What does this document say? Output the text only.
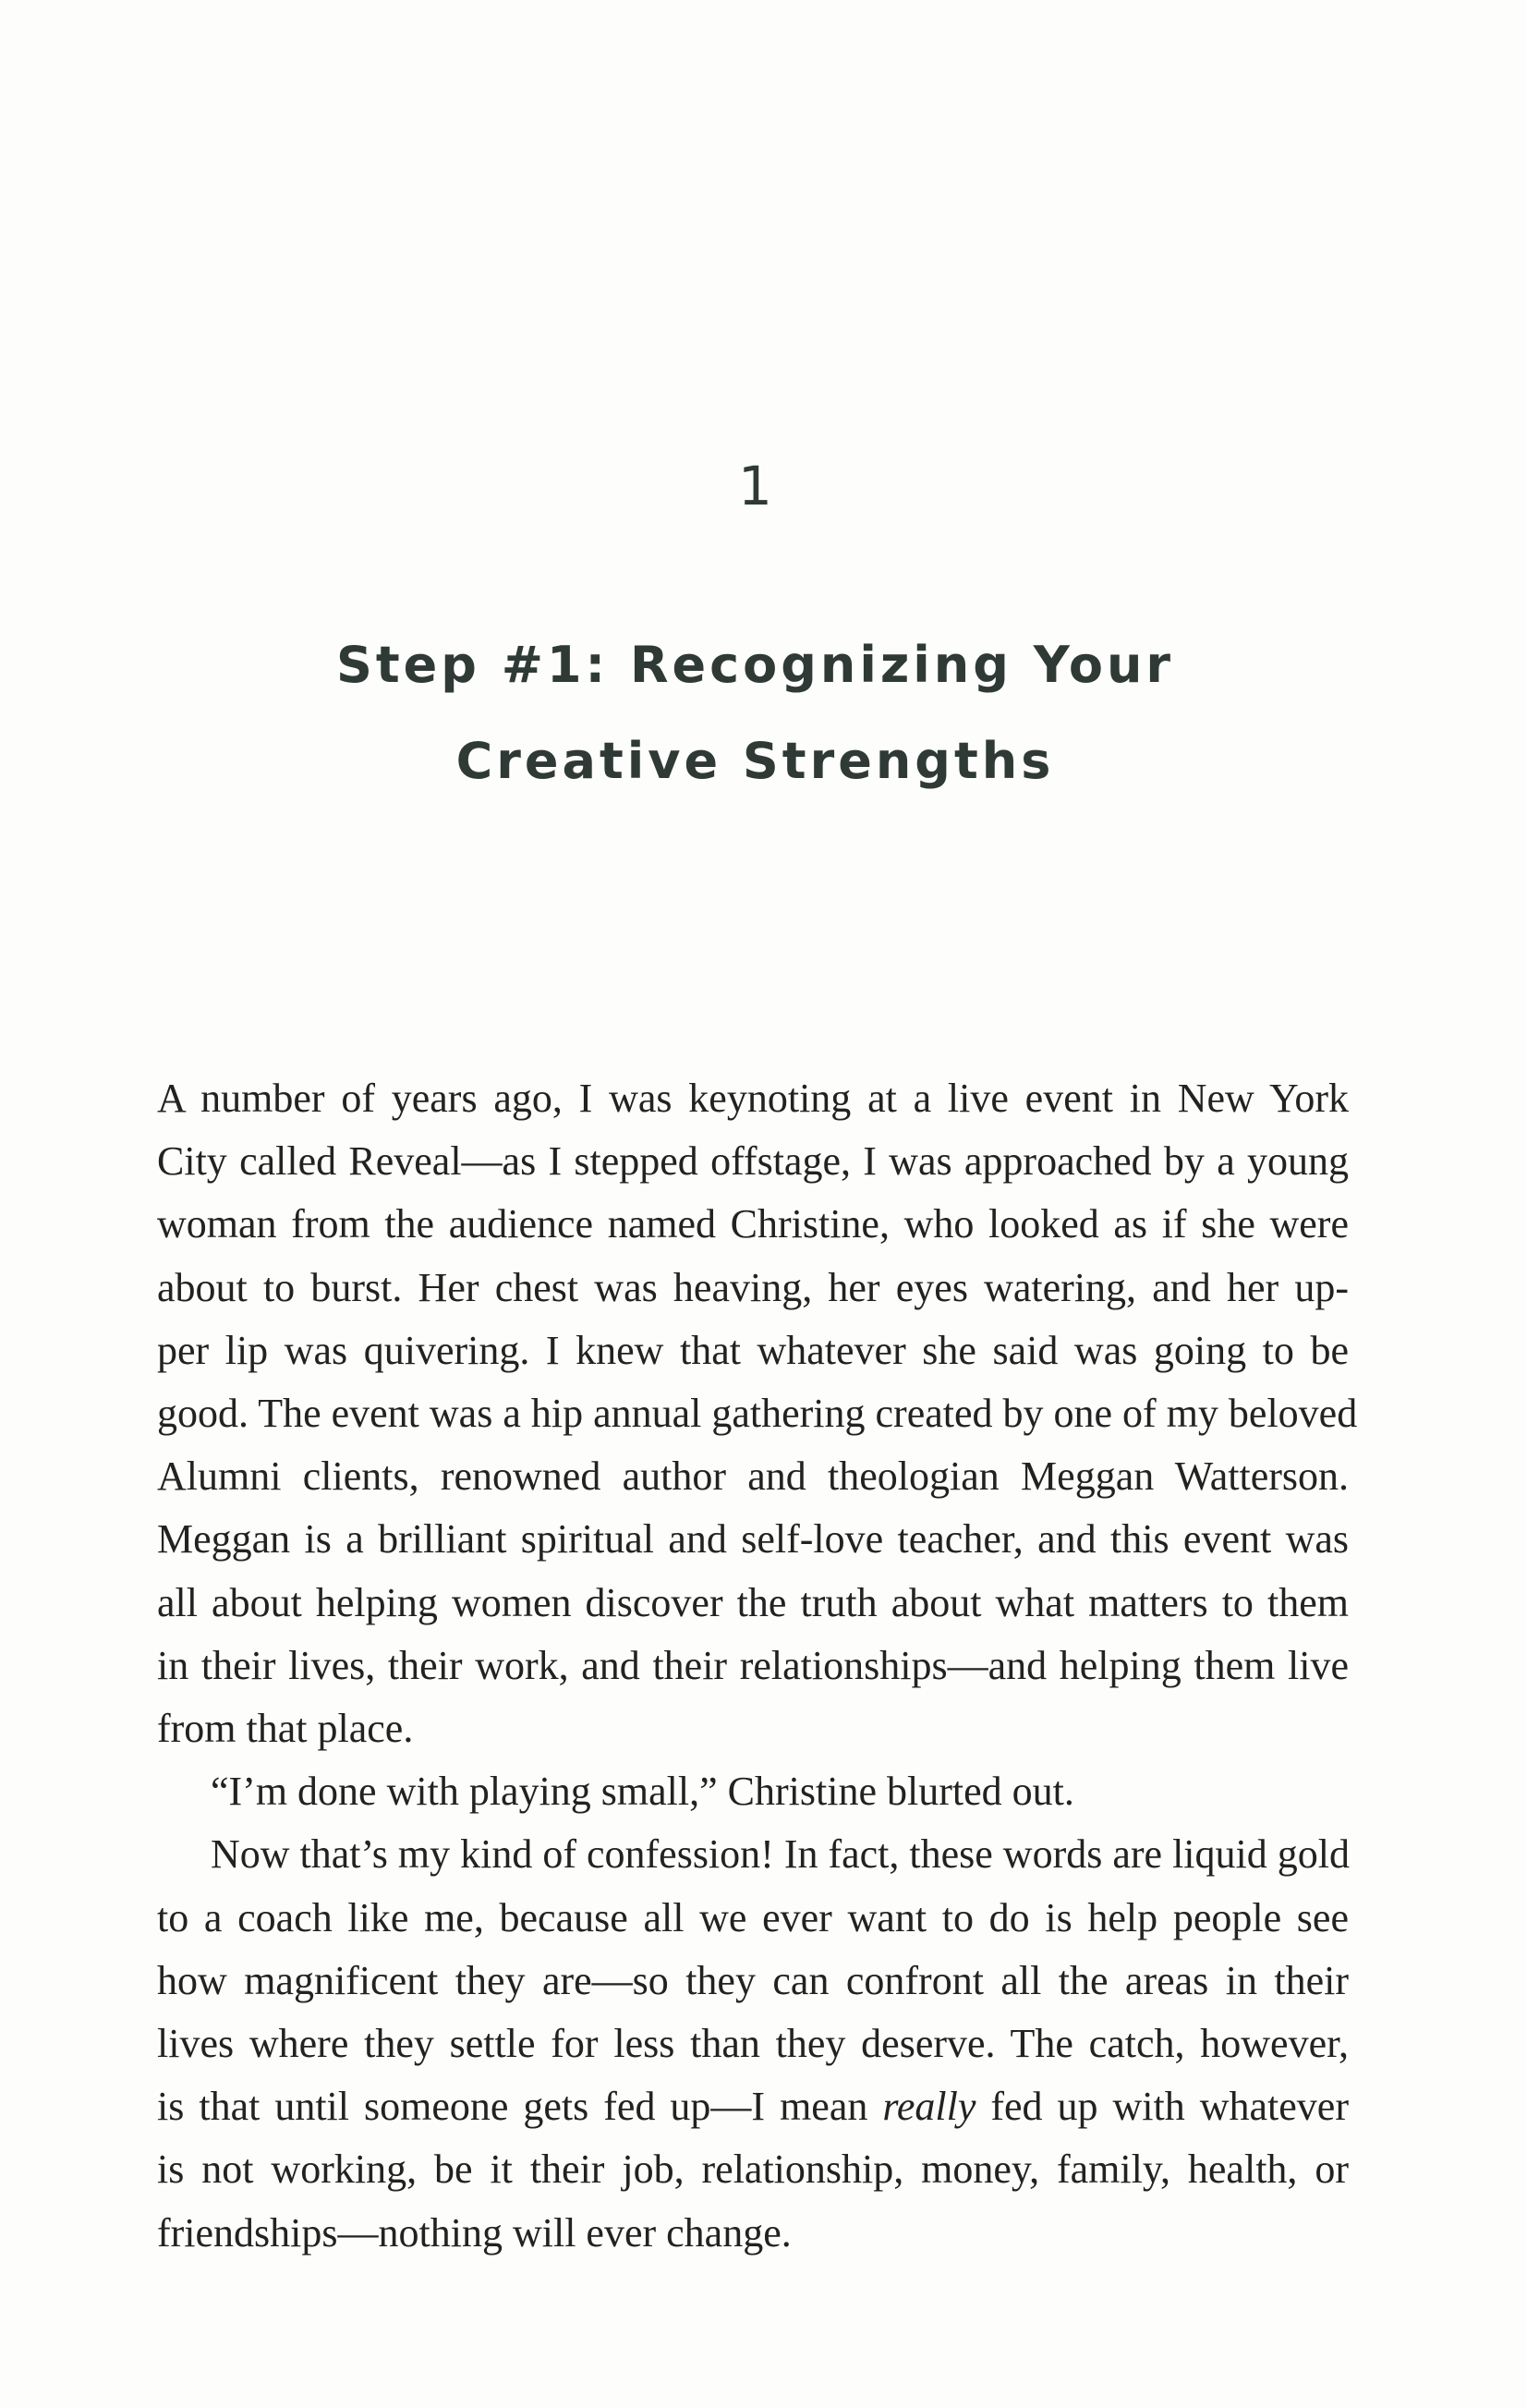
1
Step #1: Recognizing Your
Creative Strengths

A number of years ago, I was keynoting at a live event in New York
City called Reveal—as I stepped offstage, I was approached by a young
woman from the audience named Christine, who looked as if she were
about to burst. Her chest was heaving, her eyes watering, and her up-
per lip was quivering. I knew that whatever she said was going to be
good. The event was a hip annual gathering created by one of my beloved
Alumni clients, renowned author and theologian Meggan Watterson.
Meggan is a brilliant spiritual and self-love teacher, and this event was
all about helping women discover the truth about what matters to them
in their lives, their work, and their relationships—and helping them live
from that place.

“I’m done with playing small,” Christine blurted out.

Now that’s my kind of confession! In fact, these words are liquid gold
to a coach like me, because all we ever want to do is help people see
how magnificent they are—so they can confront all the areas in their
lives where they settle for less than they deserve. The catch, however,
is that until someone gets fed up—I mean really fed up with whatever
is not working, be it their job, relationship, money, family, health, or
friendships—nothing will ever change.
